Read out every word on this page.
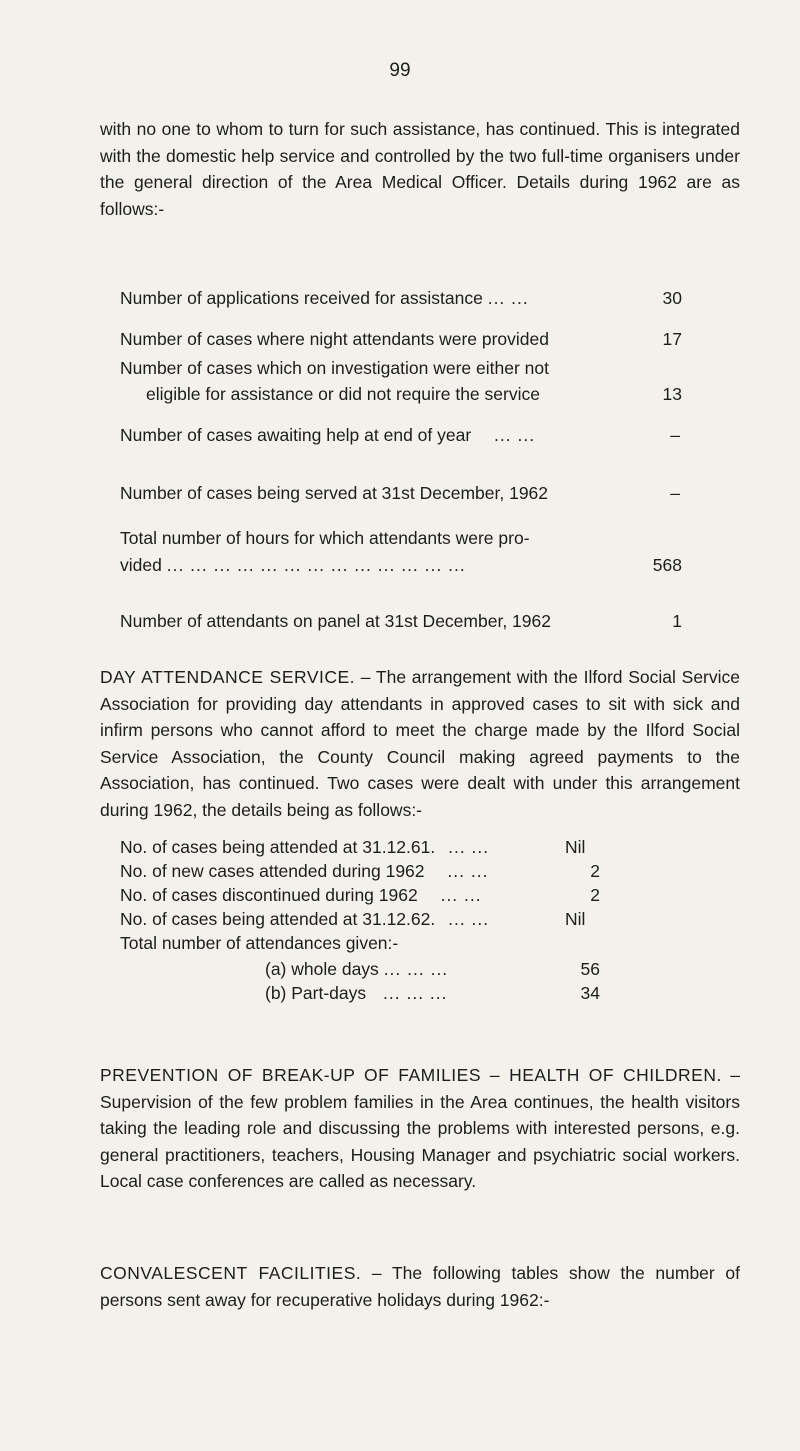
99
with no one to whom to turn for such assistance, has continued. This is integrated with the domestic help service and controlled by the two full-time organisers under the general direction of the Area Medical Officer. Details during 1962 are as follows:-
Number of applications received for assistance ... ...	30
Number of cases where night attendants were provided	17
Number of cases which on investigation were either not
eligible for assistance or did not require the service	13
Number of cases awaiting help at end of year ... ...	–
Number of cases being served at 31st December, 1962	–
Total number of hours for which attendants were pro-
vided ... ... ... ... ... ... ... ... ... ... ... ... ...	568
Number of attendants on panel at 31st December, 1962	1
DAY ATTENDANCE SERVICE. – The arrangement with the Ilford Social Service Association for providing day attendants in approved cases to sit with sick and infirm persons who cannot afford to meet the charge made by the Ilford Social Service Association, the County Council making agreed payments to the Association, has continued. Two cases were dealt with under this arrangement during 1962, the details being as follows:-
No. of cases being attended at 31.12.61. ... ...	Nil
No. of new cases attended during 1962 ... ...	2
No. of cases discontinued during 1962 ... ...	2
No. of cases being attended at 31.12.62. ... ...	Nil
Total number of attendances given:-
(a) whole days ... ... ...	56
(b) Part-days ... ... ...	34
PREVENTION OF BREAK-UP OF FAMILIES – HEALTH OF CHILDREN. – Supervision of the few problem families in the Area continues, the health visitors taking the leading role and discussing the problems with interested persons, e.g. general practitioners, teachers, Housing Manager and psychiatric social workers. Local case conferences are called as necessary.
CONVALESCENT FACILITIES. – The following tables show the number of persons sent away for recuperative holidays during 1962:-
